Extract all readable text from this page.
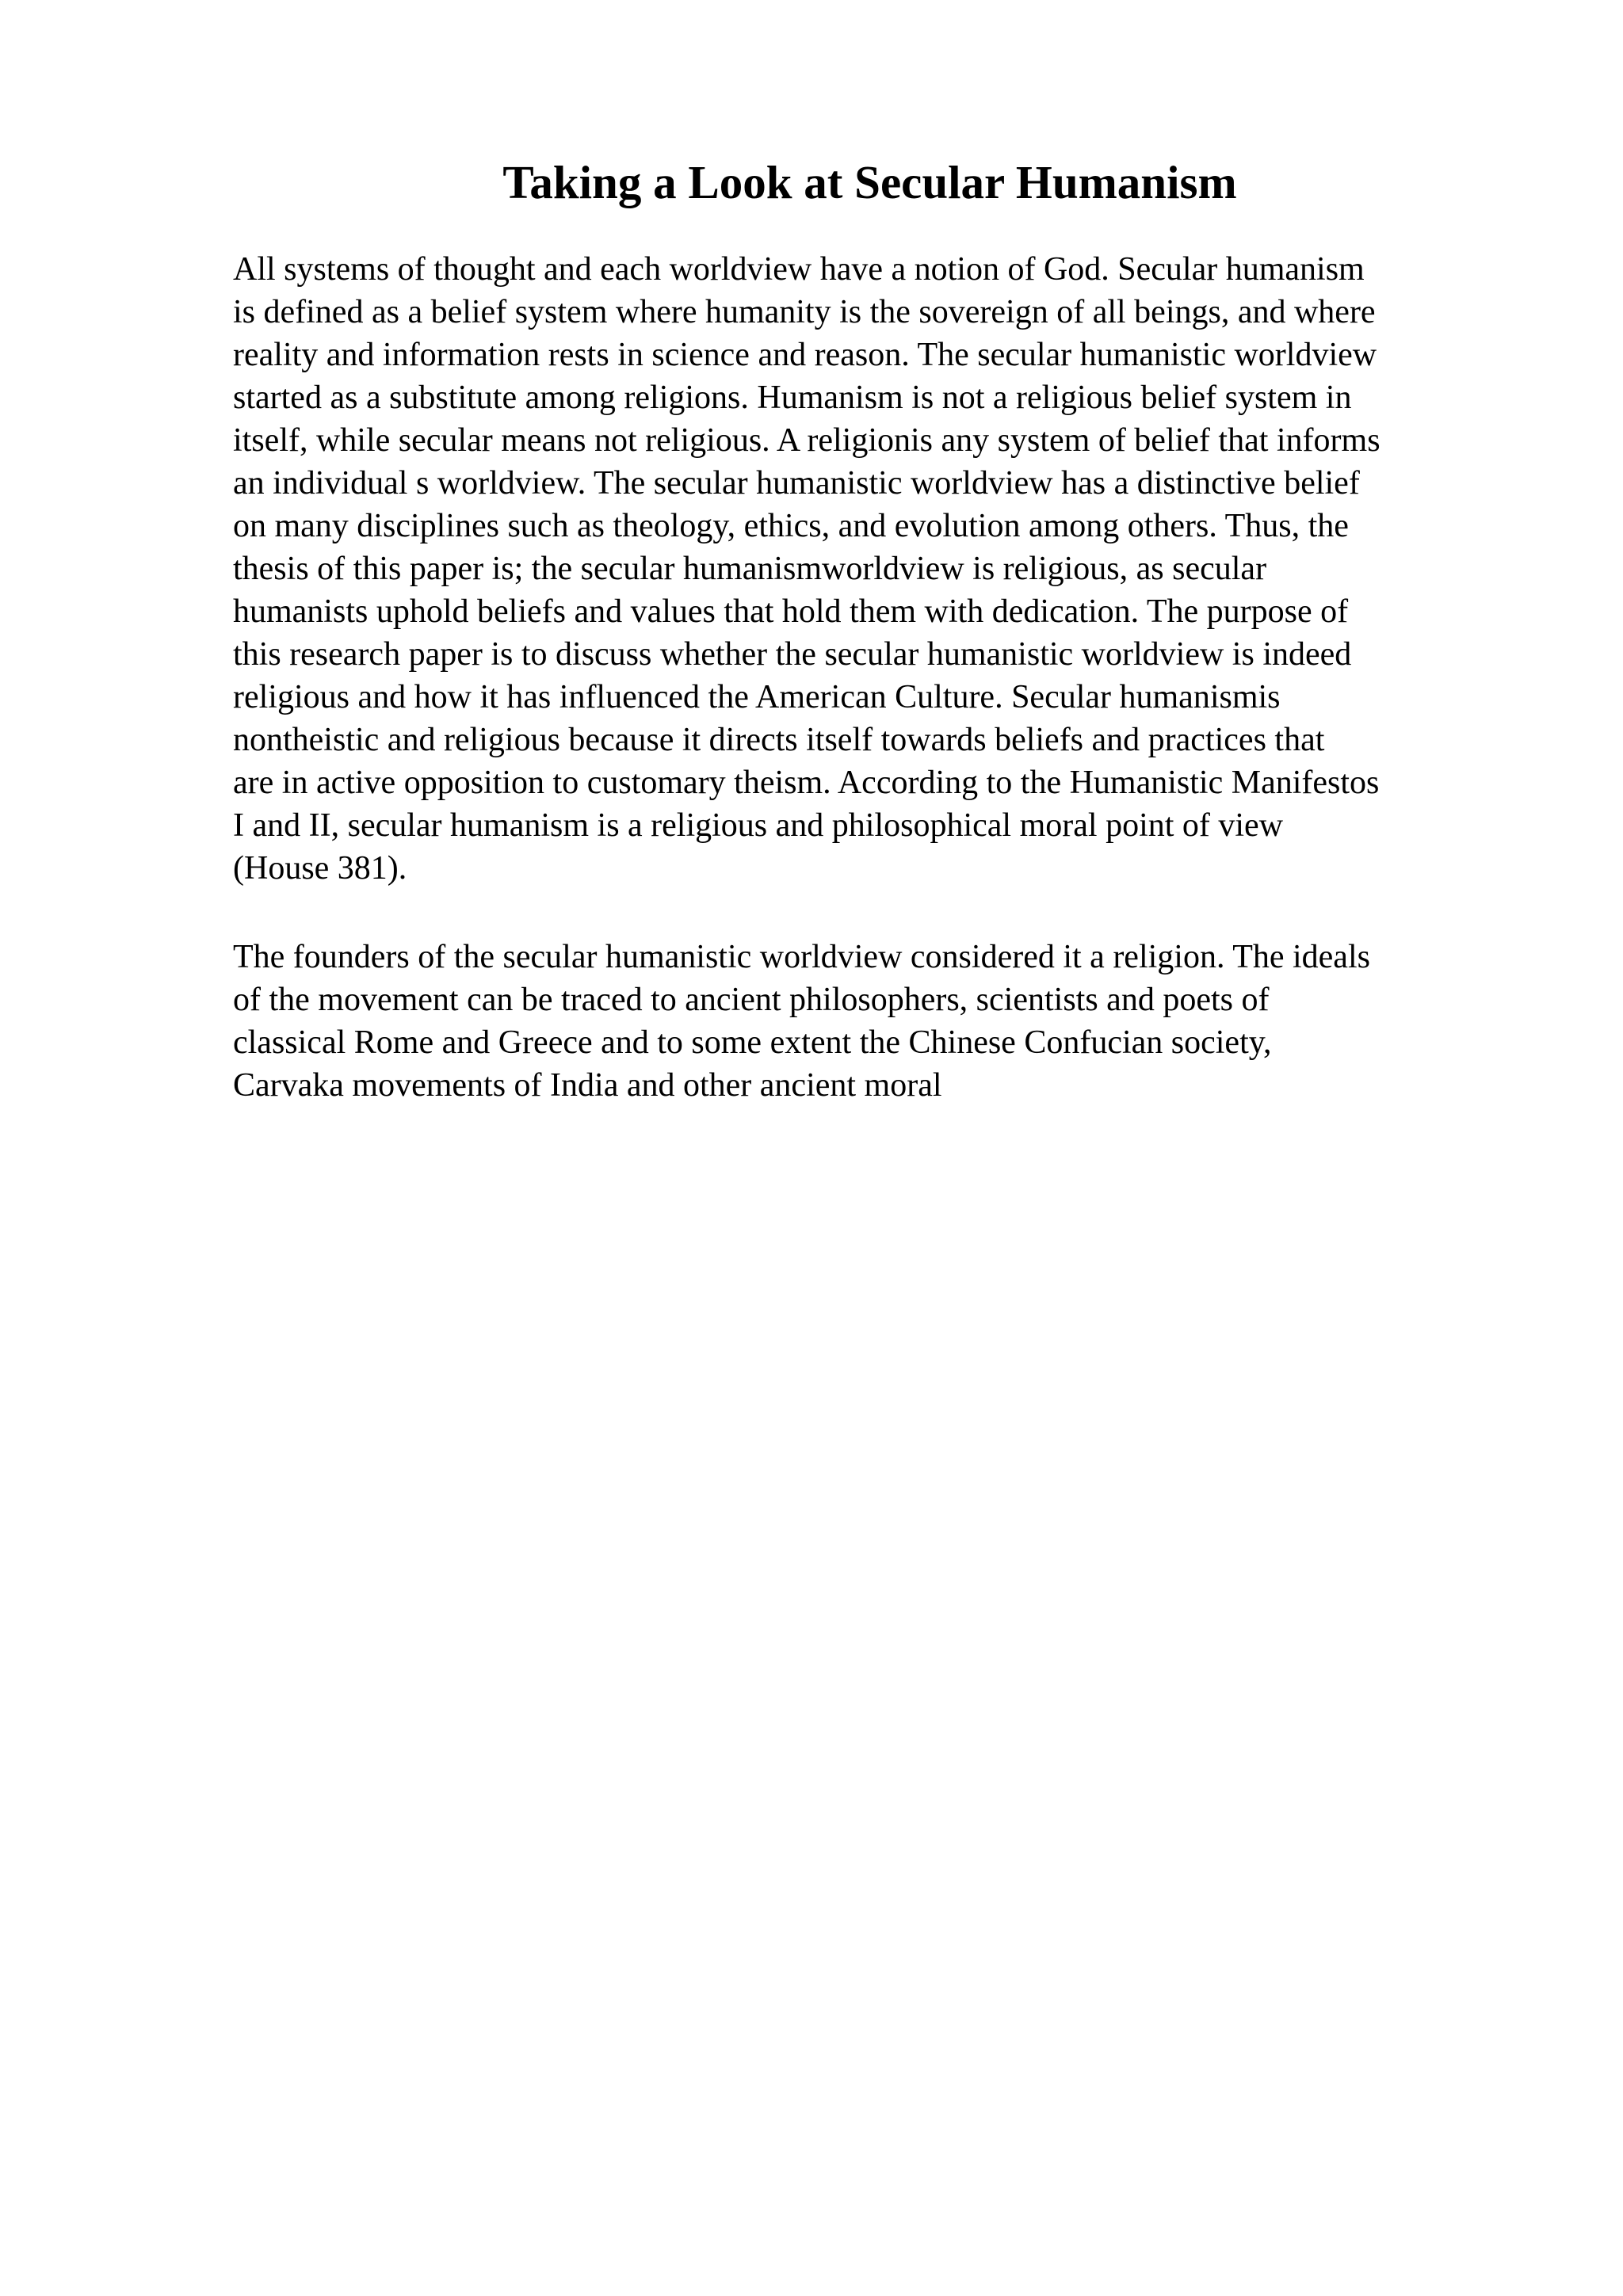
Taking a Look at Secular Humanism
All systems of thought and each worldview have a notion of God. Secular humanism
is defined as a belief system where humanity is the sovereign of all beings, and where
reality and information rests in science and reason. The secular humanistic worldview
started as a substitute among religions. Humanism is not a religious belief system in
itself, while secular means not religious. A religionis any system of belief that informs
an individual s worldview. The secular humanistic worldview has a distinctive belief
on many disciplines such as theology, ethics, and evolution among others. Thus, the
thesis of this paper is; the secular humanismworldview is religious, as secular
humanists uphold beliefs and values that hold them with dedication. The purpose of
this research paper is to discuss whether the secular humanistic worldview is indeed
religious and how it has influenced the American Culture. Secular humanismis
nontheistic and religious because it directs itself towards beliefs and practices that
are in active opposition to customary theism. According to the Humanistic Manifestos
I and II, secular humanism is a religious and philosophical moral point of view
(House 381).
The founders of the secular humanistic worldview considered it a religion. The ideals
of the movement can be traced to ancient philosophers, scientists and poets of
classical Rome and Greece and to some extent the Chinese Confucian society,
Carvaka movements of India and other ancient moral
